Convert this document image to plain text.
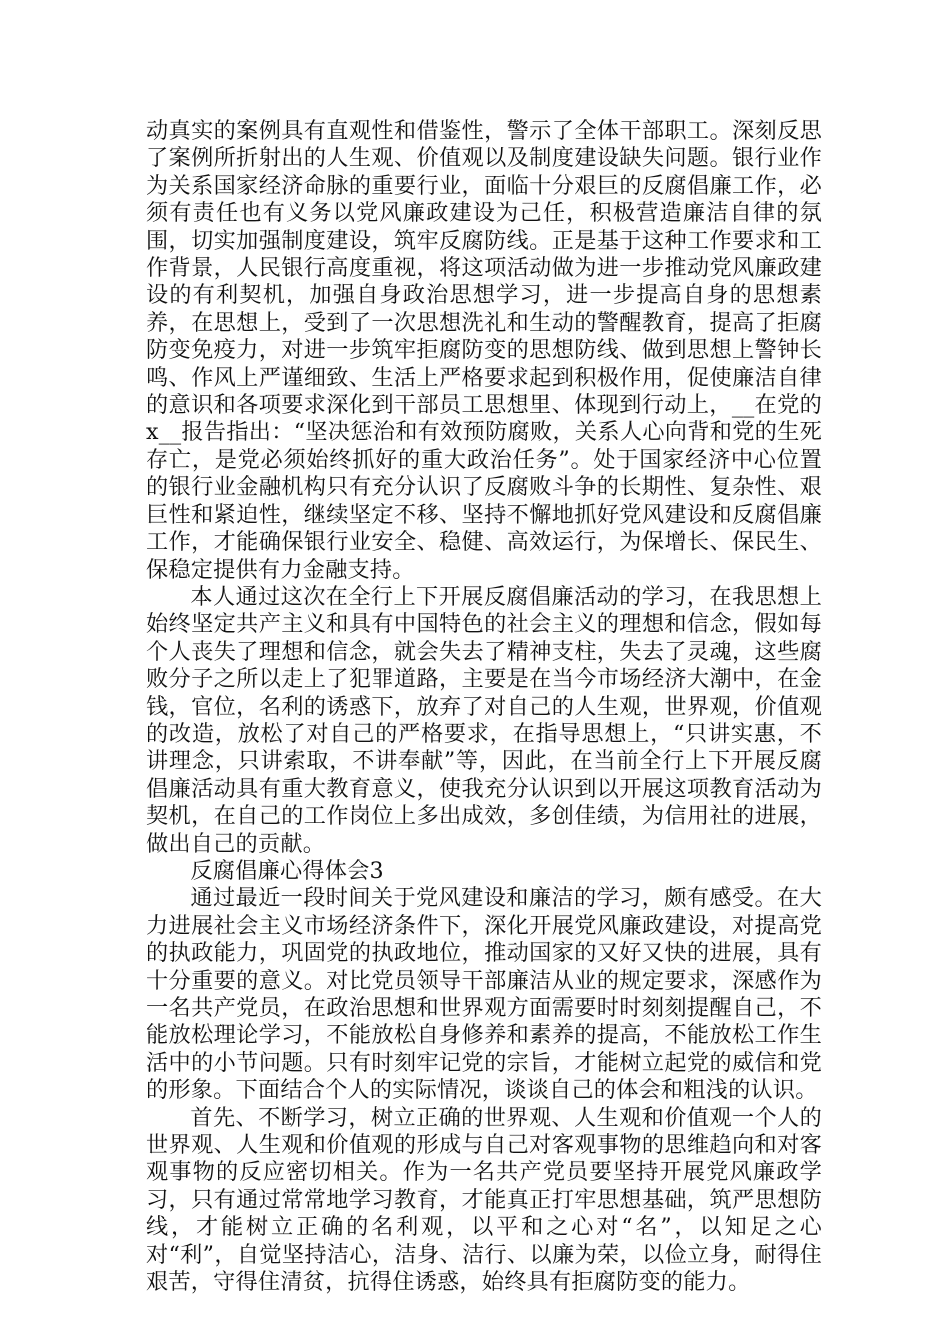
动真实的案例具有直观性和借鉴性，警示了全体干部职工。深刻反思了案例所折射出的人生观、价值观以及制度建设缺失问题。银行业作为关系国家经济命脉的重要行业，面临十分艰巨的反腐倡廉工作，必须有责任也有义务以党风廉政建设为己任，积极营造廉洁自律的氛围，切实加强制度建设，筑牢反腐防线。正是基于这种工作要求和工作背景，人民银行高度重视，将这项活动做为进一步推动党风廉政建设的有利契机，加强自身政治思想学习，进一步提高自身的思想素养，在思想上，受到了一次思想洗礼和生动的警醒教育，提高了拒腐防变免疫力，对进一步筑牢拒腐防变的思想防线、做到思想上警钟长鸣、作风上严谨细致、生活上严格要求起到积极作用，促使廉洁自律的意识和各项要求深化到干部员工思想里、体现到行动上，__在党的x__报告指出：“坚决惩治和有效预防腐败，关系人心向背和党的生死存亡，是党必须始终抓好的重大政治任务”。处于国家经济中心位置的银行业金融机构只有充分认识了反腐败斗争的长期性、复杂性、艰巨性和紧迫性，继续坚定不移、坚持不懈地抓好党风建设和反腐倡廉工作，才能确保银行业安全、稳健、高效运行，为保增长、保民生、保稳定提供有力金融支持。

本人通过这次在全行上下开展反腐倡廉活动的学习，在我思想上始终坚定共产主义和具有中国特色的社会主义的理想和信念，假如每个人丧失了理想和信念，就会失去了精神支柱，失去了灵魂，这些腐败分子之所以走上了犯罪道路，主要是在当今市场经济大潮中，在金钱，官位，名利的诱惑下，放弃了对自己的人生观，世界观，价值观的改造，放松了对自己的严格要求，在指导思想上，“只讲实惠，不讲理念，只讲索取，不讲奉献”等，因此，在当前全行上下开展反腐倡廉活动具有重大教育意义，使我充分认识到以开展这项教育活动为契机，在自己的工作岗位上多出成效，多创佳绩，为信用社的进展，做出自己的贡献。

反腐倡廉心得体会3

通过最近一段时间关于党风建设和廉洁的学习，颇有感受。在大力进展社会主义市场经济条件下，深化开展党风廉政建设，对提高党的执政能力，巩固党的执政地位，推动国家的又好又快的进展，具有十分重要的意义。对比党员领导干部廉洁从业的规定要求，深感作为一名共产党员，在政治思想和世界观方面需要时时刻刻提醒自己，不能放松理论学习，不能放松自身修养和素养的提高，不能放松工作生活中的小节问题。只有时刻牢记党的宗旨，才能树立起党的威信和党的形象。下面结合个人的实际情况，谈谈自己的体会和粗浅的认识。

首先、不断学习，树立正确的世界观、人生观和价值观一个人的世界观、人生观和价值观的形成与自己对客观事物的思维趋向和对客观事物的反应密切相关。作为一名共产党员要坚持开展党风廉政学习，只有通过常常地学习教育，才能真正打牢思想基础，筑严思想防线，才能树立正确的名利观，以平和之心对“名”，以知足之心对“利”，自觉坚持洁心，洁身、洁行、以廉为荣，以俭立身，耐得住艰苦，守得住清贫，抗得住诱惑，始终具有拒腐防变的能力。
